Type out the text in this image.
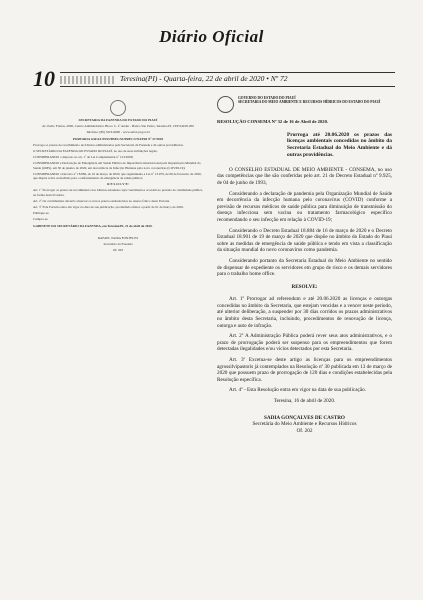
Diário Oficial
10	Teresina(PI) - Quarta-feira, 22 de abril de 2020 • Nº 72

SECRETARIA DA FAZENDA DO ESTADO DO PIAUÍ

Av. Pedro Freitas, 2000, Centro Administrativo Bloco C, 2º Andar - Bairro São Pedro, Teresina PI, CEP 64018-200

Telefone: (86) 3216-9600 - www.sefaz.pi.gov.br

PORTARIA GSFAZ PI/SUBSEC/SUPREC/UNATRI Nº 27/2020

Prorroga os prazos de recolhimento de tributos administrados pela Secretaria da Fazenda e dá outras providências.

O SECRETÁRIO DA FAZENDA DO ESTADO DO PIAUÍ, no uso de suas atribuições legais,

CONSIDERANDO o disposto no art. 1º da Lei Complementar nº 123/2006;

CONSIDERANDO a Declaração de Emergência em Saúde Pública de Importância Internacional pela Organização Mundial da Saúde (OMS), em 30 de janeiro de 2020, em decorrência da Infecção Humana pelo novo coronavírus (COVID-19);

CONSIDERANDO o Decreto nº 18.884, de 16 de março de 2020, que regulamenta a Lei nº 13.979, de 06 de fevereiro de 2020, que dispõe sobre as medidas para o enfrentamento da emergência de saúde pública;

R E S O L V E:

Art. 1º Prorrogar os prazos de recolhimento dos tributos estaduais cujos vencimentos ocorram no período de calamidade pública, na forma desta Portaria.

Art. 2º Os contribuintes deverão observar os novos prazos estabelecidos no Anexo Único desta Portaria.

Art. 3º Esta Portaria entra em vigor na data de sua publicação, produzindo efeitos a partir de 01 de março de 2020.

Publique-se.

Cumpra-se.

GABINETE DO SECRETÁRIO DA FAZENDA, em Teresina/PI, 21 de abril de 2020.

RAFAEL TAJRA FONTELES

Secretário da Fazenda

Of. 003

GOVERNO DO ESTADO DO PIAUÍ
SECRETARIA DO MEIO AMBIENTE E RECURSOS HÍDRICOS DO ESTADO DO PIAUÍ
RESOLUÇÃO CONSEMA Nº 32 de 16 de Abril de 2020.
Prorroga até 20.06.2020 os prazos das licenças ambientais concedidas no âmbito da Secretaria Estadual do Meio Ambiente e dá outras providências.

O CONSELHO ESTADUAL DE MEIO AMBIENTE - CONSEMA, no uso das competências que lhe são conferidas pelo art. 21 do Decreto Estadual nº 9.925, de 04 de junho de 1993,

Considerando a declaração de pandemia pela Organização Mundial de Saúde em decorrência da infecção humana pelo coronavírus (COVID) conforme a previsão de recursos médicos de saúde pública para diminuição de transmissão do doença infecciosa sem vacina ou tratamento farmacológico específico recomendando o seu infecção em relação à COVID-19;

Considerando o Decreto Estadual 18.884 de 16 de março de 2020 e o Decreto Estadual 18.901 de 19 de março de 2020 que dispõe no âmbito do Estado do Piauí sobre as medidas de emergência de saúde pública e tendo em vista a classificação da situação mundial do novo coronavírus como pandemia.

Considerando portanto da Secretaria Estadual do Meio Ambiente no sentido de dispensar de expediente os servidores em grupo de risco e os demais servidores para o trabalho home office.

RESOLVE:

Art. 1º Prorrogar ad referendum e até 20.06.2020 as licenças e outorgas concedidas no âmbito da Secretaria, que estejam vencidas e a vencer neste período, até ulterior deliberação, a suspender por 30 dias corridos os prazos administrativos no âmbito desta Secretaria, incluindo, procedimentos de renovação de licença, outorga e auto de infração.

Art. 2º A Administração Pública poderá rever seus atos administrativos, e o prazo de prorrogação poderá ser suspenso para os empreendimentos que forem detectadas ilegalidades e/ou vícios detectados por esta Secretaria.

Art. 3º Excetua-se deste artigo as licenças para os empreendimentos agrossilvipastoris já contemplados na Resolução nº 30 publicada em 13 de março de 2020 que possuem prazo de prorrogação de 120 dias e condições estabelecidas pela Resolução específica.

Art. 4º - Esta Resolução entra em vigor na data de sua publicação.

Teresina, 16 de abril de 2020.

SADIA GONÇALVES DE CASTRO

Secretária do Meio Ambiente e Recursos Hídricos

Of. 202
